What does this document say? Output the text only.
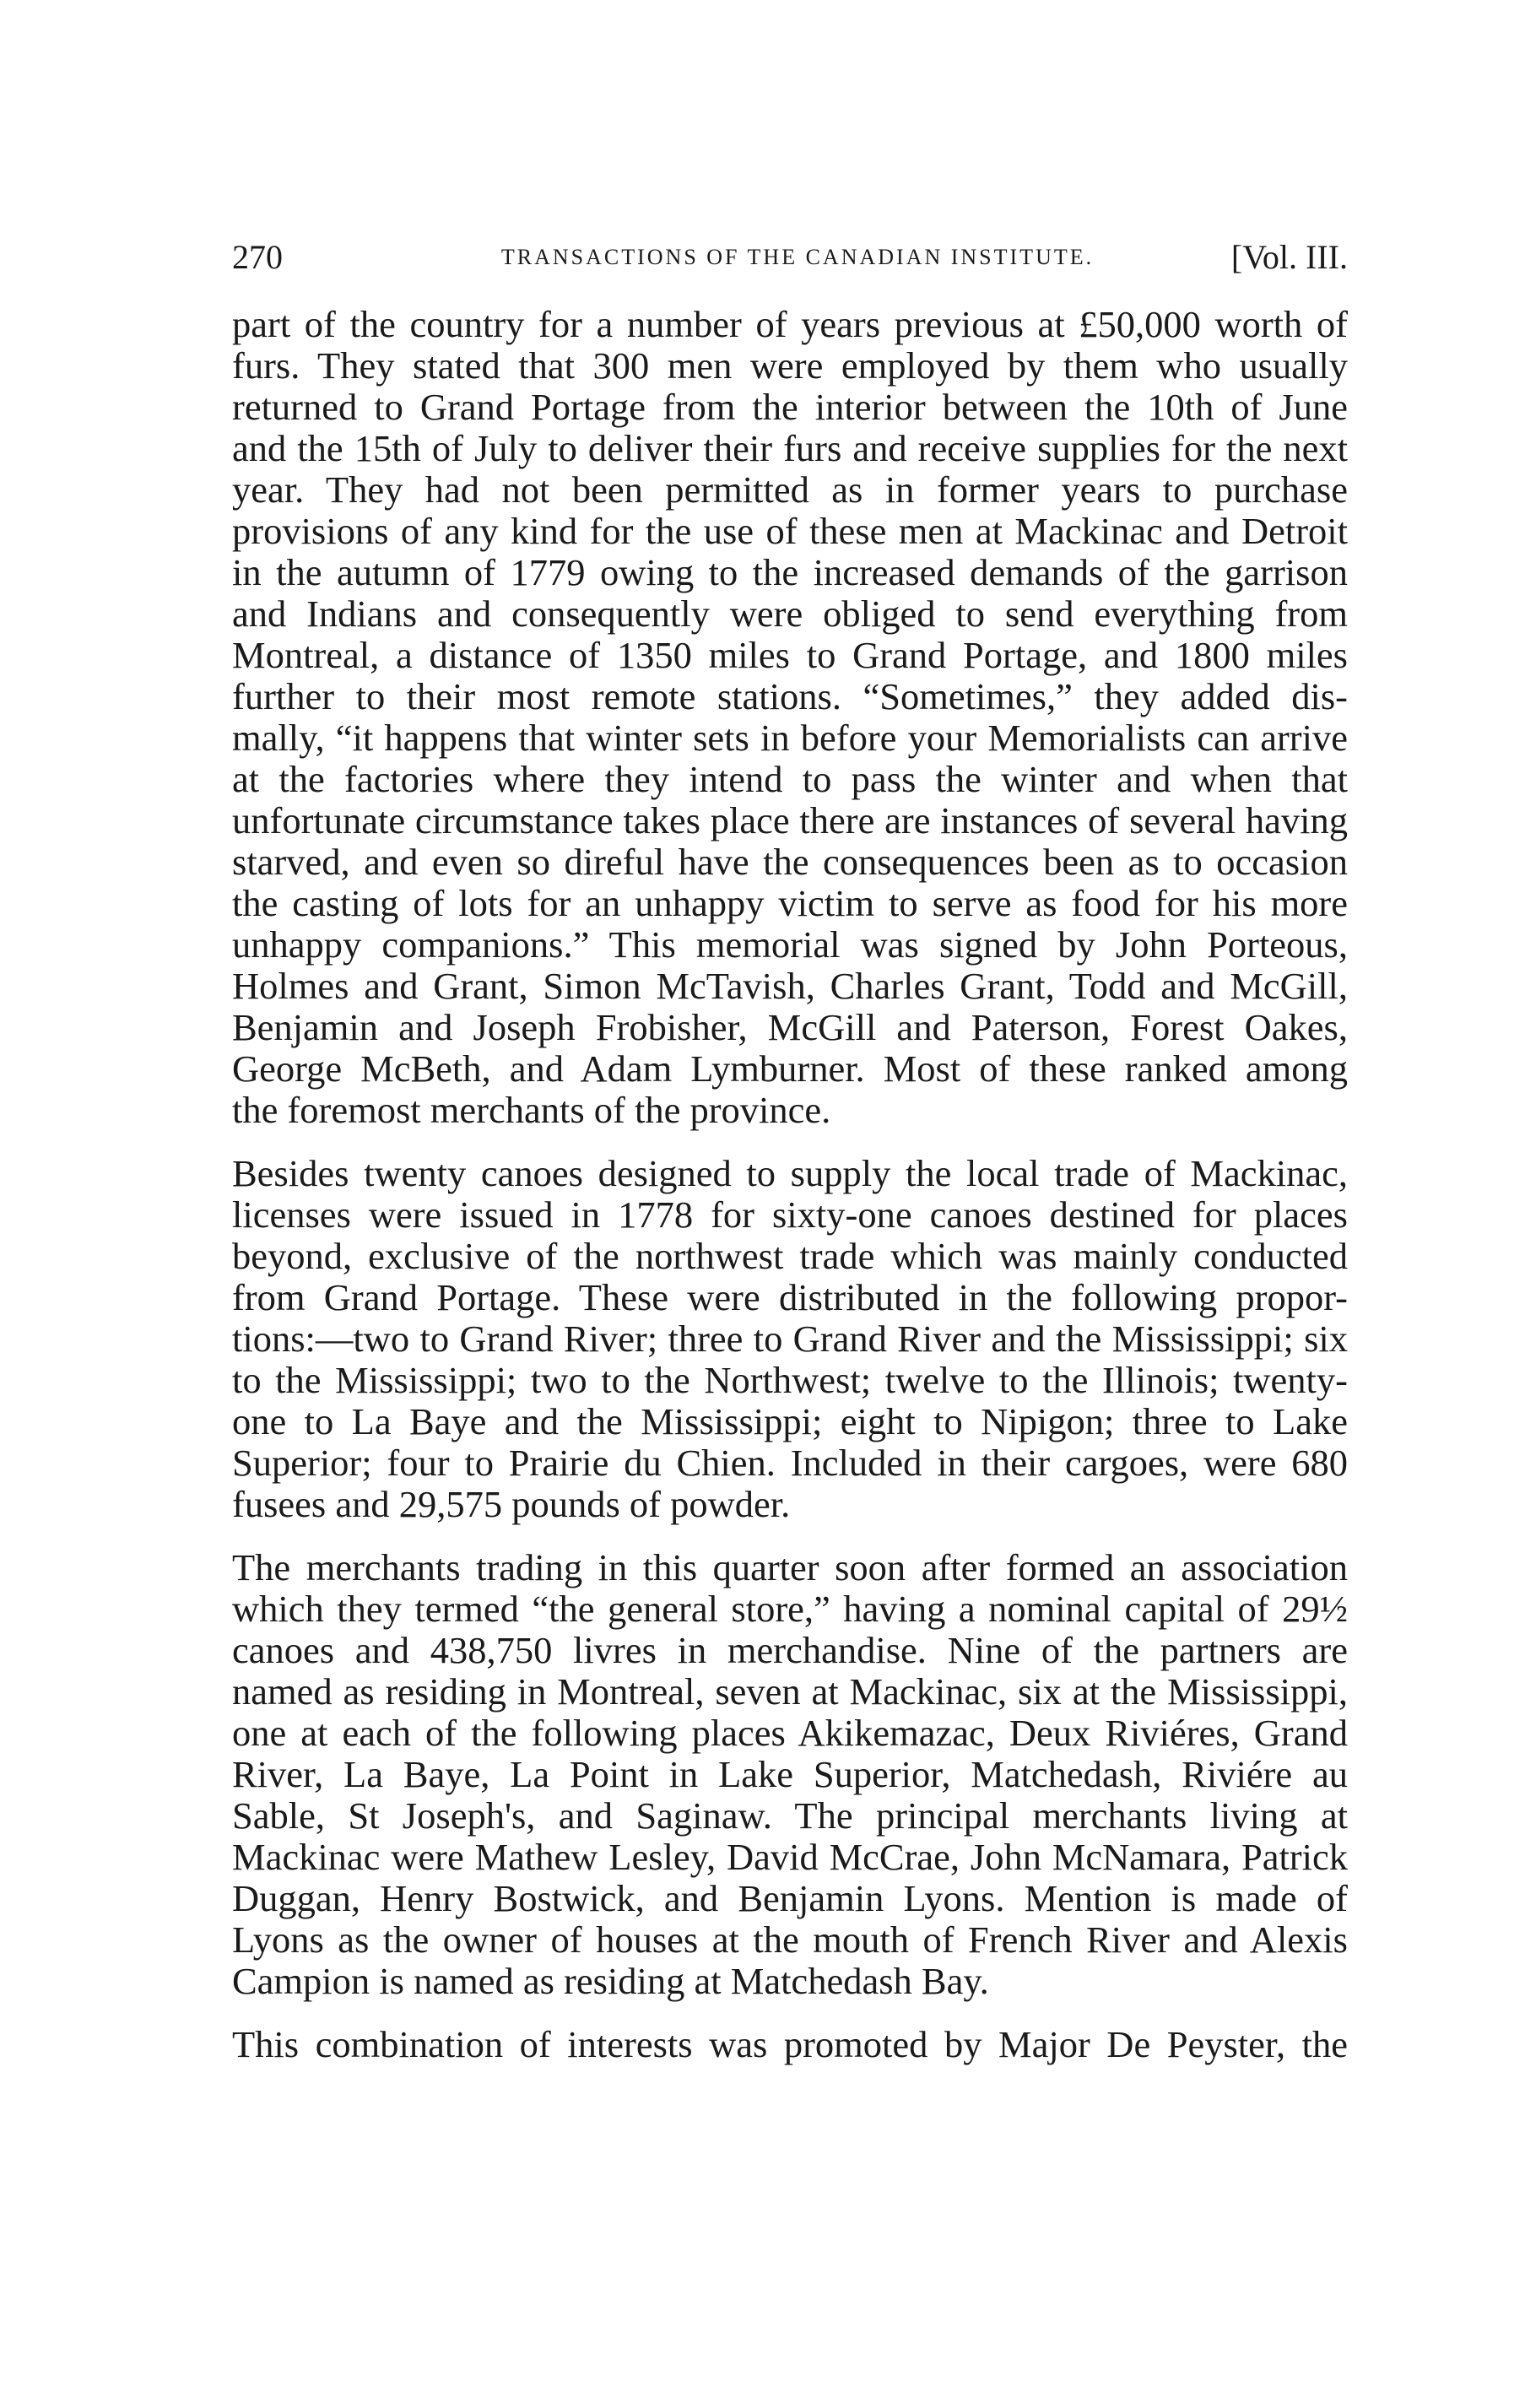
270	TRANSACTIONS OF THE CANADIAN INSTITUTE.	[Vol. III.

part of the country for a number of years previous at £50,000 worth of
furs. They stated that 300 men were employed by them who usually
returned to Grand Portage from the interior between the 10th of June
and the 15th of July to deliver their furs and receive supplies for the next
year. They had not been permitted as in former years to purchase
provisions of any kind for the use of these men at Mackinac and Detroit
in the autumn of 1779 owing to the increased demands of the garrison
and Indians and consequently were obliged to send everything from
Montreal, a distance of 1350 miles to Grand Portage, and 1800 miles
further to their most remote stations. “Sometimes,” they added dis-
mally, “it happens that winter sets in before your Memorialists can arrive
at the factories where they intend to pass the winter and when that
unfortunate circumstance takes place there are instances of several having
starved, and even so direful have the consequences been as to occasion
the casting of lots for an unhappy victim to serve as food for his more
unhappy companions.” This memorial was signed by John Porteous,
Holmes and Grant, Simon McTavish, Charles Grant, Todd and McGill,
Benjamin and Joseph Frobisher, McGill and Paterson, Forest Oakes,
George McBeth, and Adam Lymburner. Most of these ranked among
the foremost merchants of the province.

Besides twenty canoes designed to supply the local trade of Mackinac,
licenses were issued in 1778 for sixty-one canoes destined for places
beyond, exclusive of the northwest trade which was mainly conducted
from Grand Portage. These were distributed in the following propor-
tions:—two to Grand River; three to Grand River and the Mississippi; six
to the Mississippi; two to the Northwest; twelve to the Illinois; twenty-
one to La Baye and the Mississippi; eight to Nipigon; three to Lake
Superior; four to Prairie du Chien. Included in their cargoes, were 680
fusees and 29,575 pounds of powder.

The merchants trading in this quarter soon after formed an association
which they termed “the general store,” having a nominal capital of 29½
canoes and 438,750 livres in merchandise. Nine of the partners are
named as residing in Montreal, seven at Mackinac, six at the Mississippi,
one at each of the following places Akikemazac, Deux Riviéres, Grand
River, La Baye, La Point in Lake Superior, Matchedash, Riviére au
Sable, St Joseph's, and Saginaw. The principal merchants living at
Mackinac were Mathew Lesley, David McCrae, John McNamara, Patrick
Duggan, Henry Bostwick, and Benjamin Lyons. Mention is made of
Lyons as the owner of houses at the mouth of French River and Alexis
Campion is named as residing at Matchedash Bay.

This combination of interests was promoted by Major De Peyster, the
